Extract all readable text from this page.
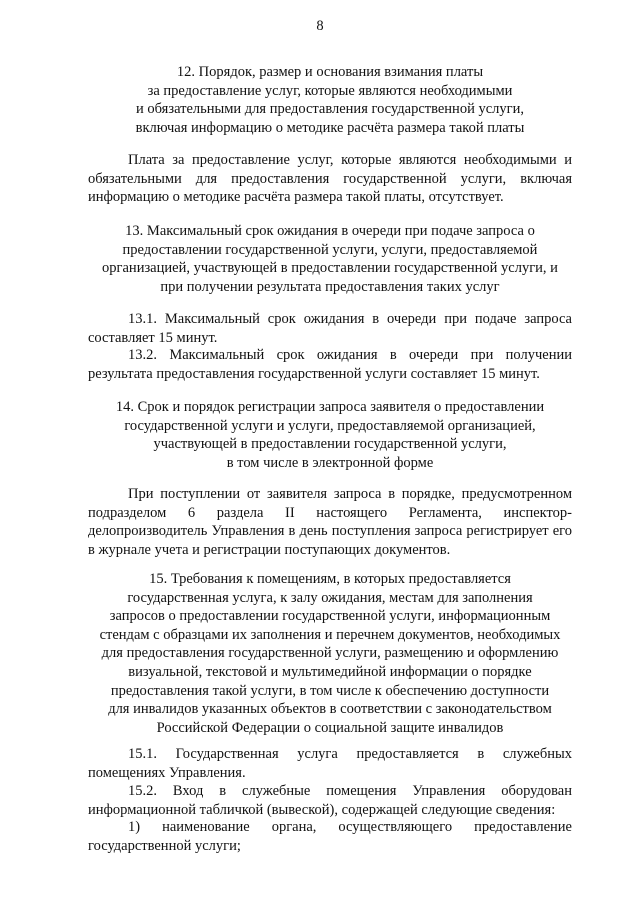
8
12. Порядок, размер и основания взимания платы
за предоставление услуг, которые являются необходимыми
и обязательными для предоставления государственной услуги,
включая информацию о методике расчёта размера такой платы
Плата за предоставление услуг, которые являются необходимыми и обязательными для предоставления государственной услуги, включая информацию о методике расчёта размера такой платы, отсутствует.
13. Максимальный срок ожидания в очереди при подаче запроса о
предоставлении государственной услуги, услуги, предоставляемой
организацией, участвующей в предоставлении государственной услуги, и
при получении результата предоставления таких услуг
13.1. Максимальный срок ожидания в очереди при подаче запроса составляет 15 минут.
13.2. Максимальный срок ожидания в очереди при получении результата предоставления государственной услуги составляет 15 минут.
14. Срок и порядок регистрации запроса заявителя о предоставлении
государственной услуги и услуги, предоставляемой организацией,
участвующей в предоставлении государственной услуги,
в том числе в электронной форме
При поступлении от заявителя запроса в порядке, предусмотренном подразделом 6 раздела II настоящего Регламента, инспектор-делопроизводитель Управления в день поступления запроса регистрирует его в журнале учета и регистрации поступающих документов.
15. Требования к помещениям, в которых предоставляется
государственная услуга, к залу ожидания, местам для заполнения
запросов о предоставлении государственной услуги, информационным
стендам с образцами их заполнения и перечнем документов, необходимых
для предоставления государственной услуги, размещению и оформлению
визуальной, текстовой и мультимедийной информации о порядке
предоставления такой услуги, в том числе к обеспечению доступности
для инвалидов указанных объектов в соответствии с законодательством
Российской Федерации о социальной защите инвалидов
15.1. Государственная услуга предоставляется в служебных помещениях Управления.
15.2. Вход в служебные помещения Управления оборудован информационной табличкой (вывеской), содержащей следующие сведения:
1) наименование органа, осуществляющего предоставление государственной услуги;
